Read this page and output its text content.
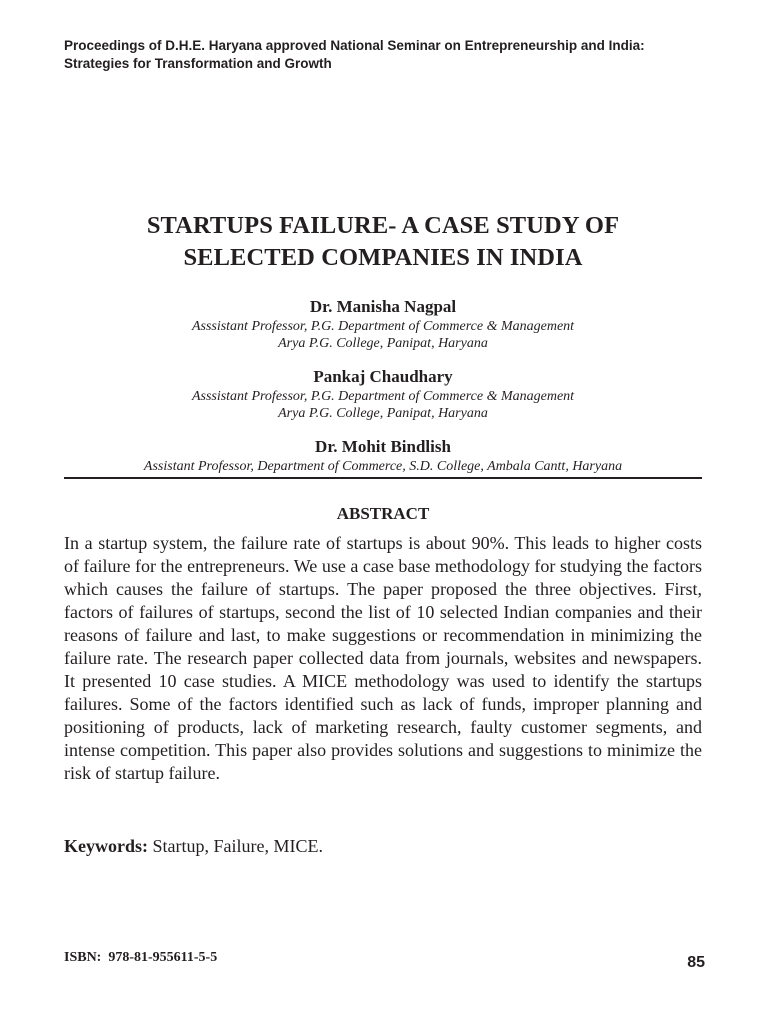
Proceedings of D.H.E. Haryana approved National Seminar on Entrepreneurship and India:
Strategies for Transformation and Growth
STARTUPS FAILURE- A CASE STUDY OF
SELECTED COMPANIES IN INDIA
Dr. Manisha Nagpal
Asssistant Professor, P.G. Department of Commerce & Management
Arya P.G. College, Panipat, Haryana
Pankaj Chaudhary
Asssistant Professor, P.G. Department of Commerce & Management
Arya P.G. College, Panipat, Haryana
Dr. Mohit Bindlish
Assistant Professor, Department of Commerce, S.D. College, Ambala Cantt, Haryana
ABSTRACT

In a startup system, the failure rate of startups is about 90%. This leads to higher costs of failure for the entrepreneurs. We use a case base methodology for studying the factors which causes the failure of startups. The paper proposed the three objectives. First, factors of failures of startups, second the list of 10 selected Indian companies and their reasons of failure and last, to make suggestions or recommendation in minimizing the failure rate. The research paper collected data from journals, websites and newspapers. It presented 10 case studies. A MICE methodology was used to identify the startups failures. Some of the factors identified such as lack of funds, improper planning and positioning of products, lack of marketing research, faulty customer segments, and intense competition. This paper also provides solutions and suggestions to minimize the risk of startup failure.

Keywords: Startup, Failure, MICE.
ISBN:  978-81-955611-5-5	85
